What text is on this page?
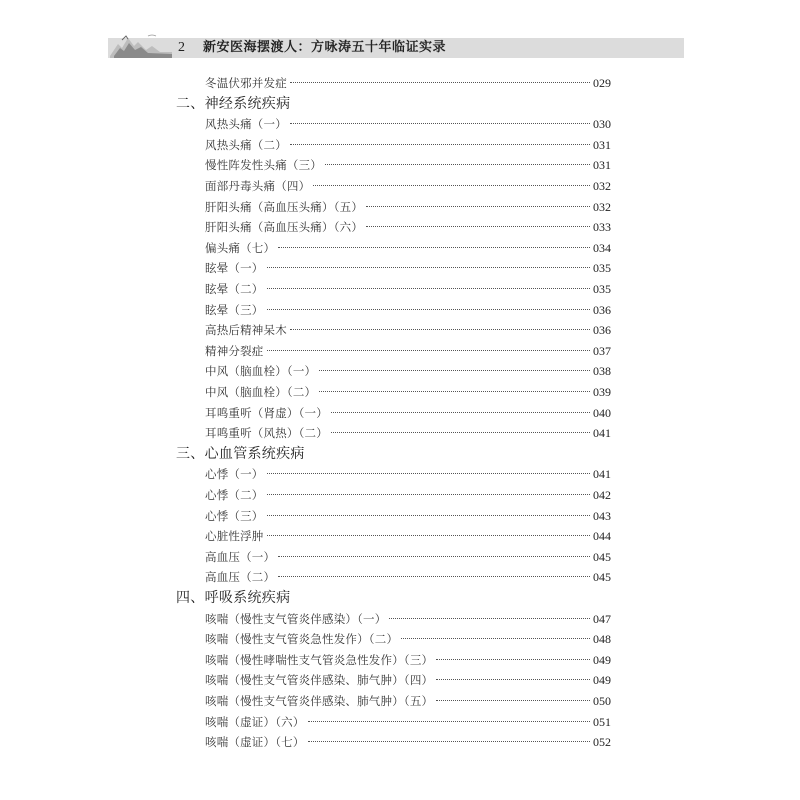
2 新安医海摆渡人：方咏涛五十年临证实录
冬温伏邪并发症	029
二、神经系统疾病
风热头痛（一）	030
风热头痛（二）	031
慢性阵发性头痛（三）	031
面部丹毒头痛（四）	032
肝阳头痛（高血压头痛）（五）	032
肝阳头痛（高血压头痛）（六）	033
偏头痛（七）	034
眩晕（一）	035
眩晕（二）	035
眩晕（三）	036
高热后精神呆木	036
精神分裂症	037
中风（脑血栓）（一）	038
中风（脑血栓）（二）	039
耳鸣重听（肾虚）（一）	040
耳鸣重听（风热）（二）	041
三、心血管系统疾病
心悸（一）	041
心悸（二）	042
心悸（三）	043
心脏性浮肿	044
高血压（一）	045
高血压（二）	045
四、呼吸系统疾病
咳喘（慢性支气管炎伴感染）（一）	047
咳喘（慢性支气管炎急性发作）（二）	048
咳喘（慢性哮喘性支气管炎急性发作）（三）	049
咳喘（慢性支气管炎伴感染、肺气肿）（四）	049
咳喘（慢性支气管炎伴感染、肺气肿）（五）	050
咳喘（虚证）（六）	051
咳喘（虚证）（七）	052
